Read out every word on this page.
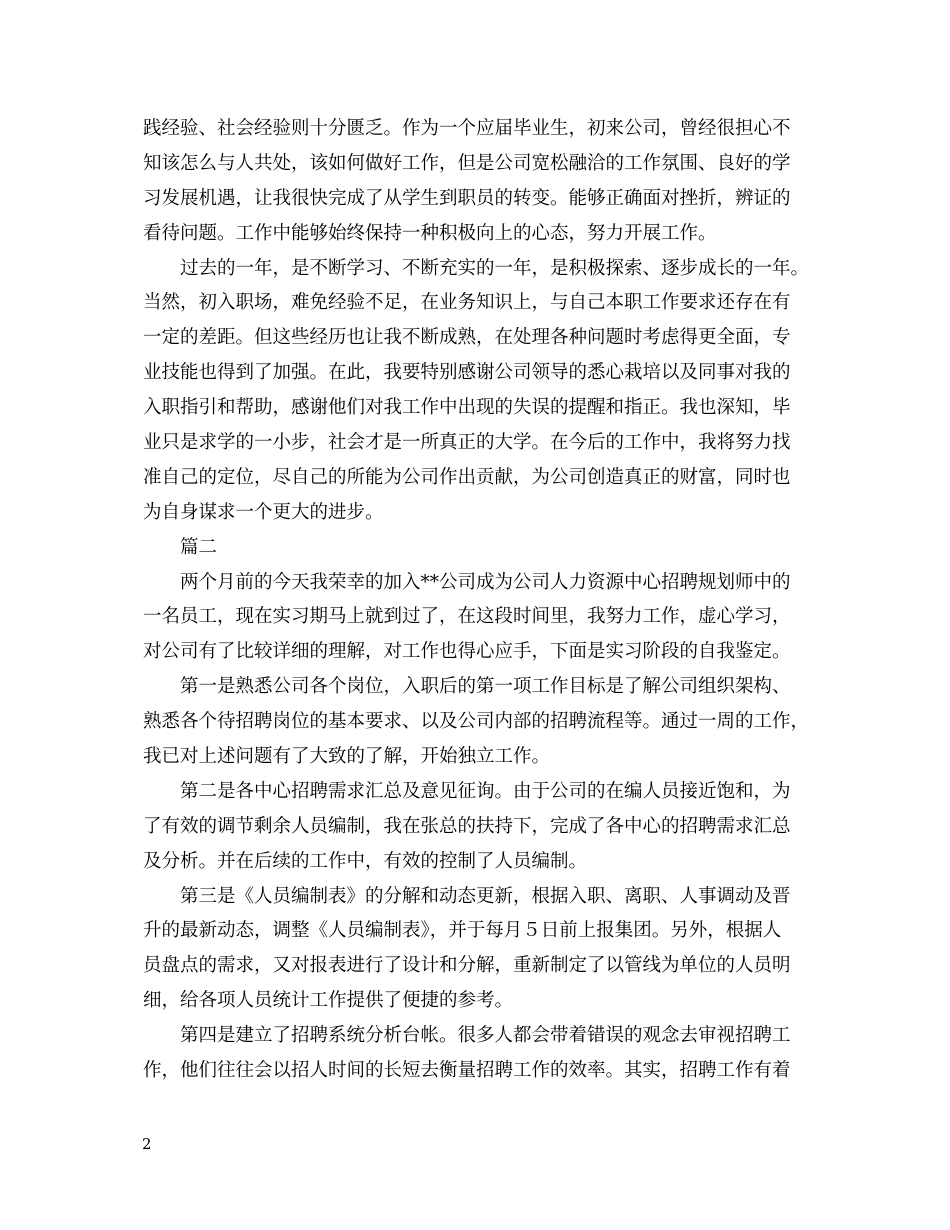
践经验、社会经验则十分匮乏。作为一个应届毕业生，初来公司，曾经很担心不
知该怎么与人共处，该如何做好工作，但是公司宽松融洽的工作氛围、良好的学
习发展机遇，让我很快完成了从学生到职员的转变。能够正确面对挫折，辨证的
看待问题。工作中能够始终保持一种积极向上的心态，努力开展工作。
过去的一年，是不断学习、不断充实的一年，是积极探索、逐步成长的一年。
当然，初入职场，难免经验不足，在业务知识上，与自己本职工作要求还存在有
一定的差距。但这些经历也让我不断成熟，在处理各种问题时考虑得更全面，专
业技能也得到了加强。在此，我要特别感谢公司领导的悉心栽培以及同事对我的
入职指引和帮助，感谢他们对我工作中出现的失误的提醒和指正。我也深知，毕
业只是求学的一小步，社会才是一所真正的大学。在今后的工作中，我将努力找
准自己的定位，尽自己的所能为公司作出贡献，为公司创造真正的财富，同时也
为自身谋求一个更大的进步。
篇二
两个月前的今天我荣幸的加入**公司成为公司人力资源中心招聘规划师中的
一名员工，现在实习期马上就到过了，在这段时间里，我努力工作，虚心学习，
对公司有了比较详细的理解，对工作也得心应手，下面是实习阶段的自我鉴定。
第一是熟悉公司各个岗位，入职后的第一项工作目标是了解公司组织架构、
熟悉各个待招聘岗位的基本要求、以及公司内部的招聘流程等。通过一周的工作，
我已对上述问题有了大致的了解，开始独立工作。
第二是各中心招聘需求汇总及意见征询。由于公司的在编人员接近饱和，为
了有效的调节剩余人员编制，我在张总的扶持下，完成了各中心的招聘需求汇总
及分析。并在后续的工作中，有效的控制了人员编制。
第三是《人员编制表》的分解和动态更新，根据入职、离职、人事调动及晋
升的最新动态，调整《人员编制表》，并于每月５日前上报集团。另外，根据人
员盘点的需求，又对报表进行了设计和分解，重新制定了以管线为单位的人员明
细，给各项人员统计工作提供了便捷的参考。
第四是建立了招聘系统分析台帐。很多人都会带着错误的观念去审视招聘工
作，他们往往会以招人时间的长短去衡量招聘工作的效率。其实，招聘工作有着
2
